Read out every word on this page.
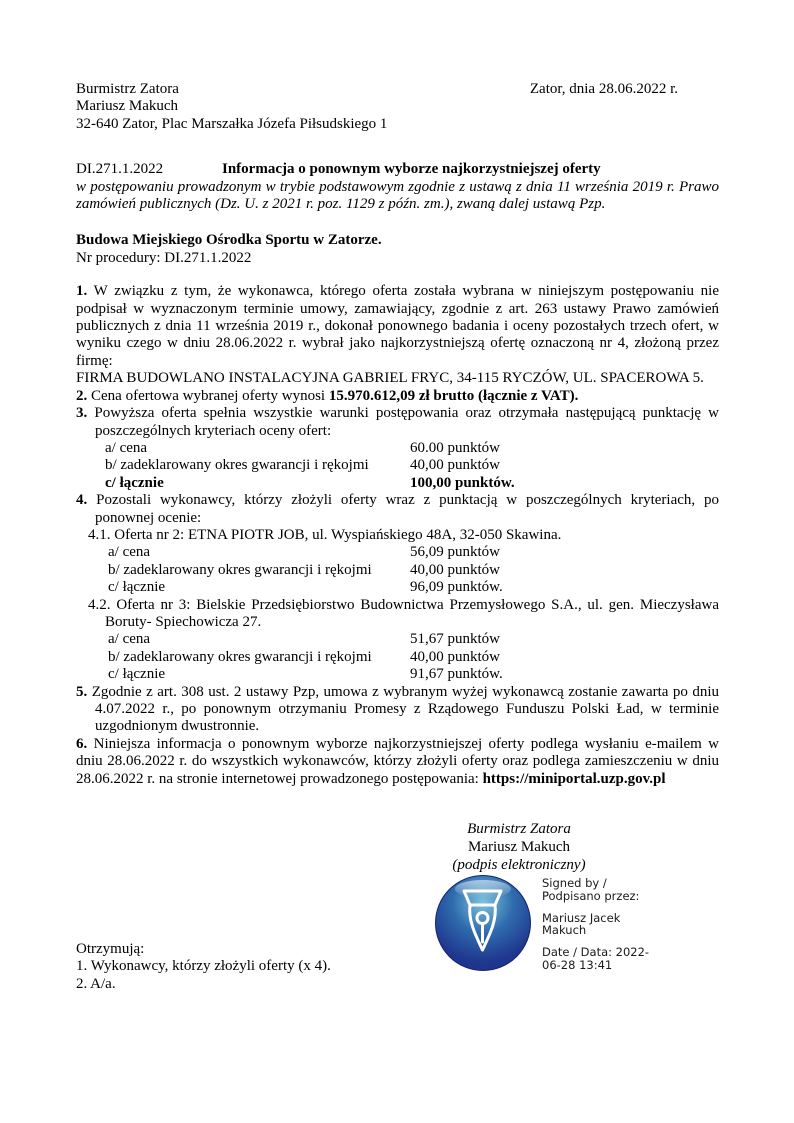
Burmistrz Zatora	Zator, dnia 28.06.2022 r.
Mariusz Makuch
32-640 Zator, Plac Marszałka Józefa Piłsudskiego 1
DI.271.1.2022	Informacja o ponownym wyborze najkorzystniejszej oferty

w postępowaniu prowadzonym w trybie podstawowym zgodnie z ustawą z dnia 11 września 2019 r. Prawo zamówień publicznych (Dz. U. z 2021 r. poz. 1129 z późn. zm.), zwaną dalej ustawą Pzp.

Budowa Miejskiego Ośrodka Sportu w Zatorze.
Nr procedury: DI.271.1.2022

1. W związku z tym, że wykonawca, którego oferta została wybrana w niniejszym postępowaniu nie podpisał w wyznaczonym terminie umowy, zamawiający, zgodnie z art. 263 ustawy Prawo zamówień publicznych z dnia 11 września 2019 r., dokonał ponownego badania i oceny pozostałych trzech ofert, w wyniku czego w dniu 28.06.2022 r. wybrał jako najkorzystniejszą ofertę oznaczoną nr 4, złożoną przez firmę:

FIRMA BUDOWLANO INSTALACYJNA GABRIEL FRYC, 34-115 RYCZÓW, UL. SPACEROWA 5.

2. Cena ofertowa wybranej oferty wynosi 15.970.612,09 zł brutto (łącznie z VAT).

3. Powyższa oferta spełnia wszystkie warunki postępowania oraz otrzymała następującą punktację w poszczególnych kryteriach oceny ofert:

a/ cena	60.00 punktów
b/ zadeklarowany okres gwarancji i rękojmi	40,00 punktów
c/ łącznie	100,00 punktów.

4. Pozostali wykonawcy, którzy złożyli oferty wraz z punktacją w poszczególnych kryteriach, po ponownej ocenie:

4.1. Oferta nr 2: ETNA PIOTR JOB, ul. Wyspiańskiego 48A, 32-050 Skawina.

a/ cena	56,09 punktów
b/ zadeklarowany okres gwarancji i rękojmi	40,00 punktów
c/ łącznie	96,09 punktów.

4.2. Oferta nr 3: Bielskie Przedsiębiorstwo Budownictwa Przemysłowego S.A., ul. gen. Mieczysława Boruty- Spiechowicza 27.

a/ cena	51,67 punktów
b/ zadeklarowany okres gwarancji i rękojmi	40,00 punktów
c/ łącznie	91,67 punktów.

5. Zgodnie z art. 308 ust. 2 ustawy Pzp, umowa z wybranym wyżej wykonawcą zostanie zawarta po dniu 4.07.2022 r., po ponownym otrzymaniu Promesy z Rządowego Funduszu Polski Ład, w terminie uzgodnionym dwustronnie.

6. Niniejsza informacja o ponownym wyborze najkorzystniejszej oferty podlega wysłaniu e-mailem w dniu 28.06.2022 r. do wszystkich wykonawców, którzy złożyli oferty oraz podlega zamieszczeniu w dniu 28.06.2022 r. na stronie internetowej prowadzonego postępowania: https://miniportal.uzp.gov.pl

Burmistrz Zatora
Mariusz Makuch
(podpis elektroniczny)
Signed by /
Podpisano przez:
Mariusz Jacek
Makuch
Date / Data: 2022-
06-28 13:41
Otrzymują:
1. Wykonawcy, którzy złożyli oferty (x 4).
2. A/a.
